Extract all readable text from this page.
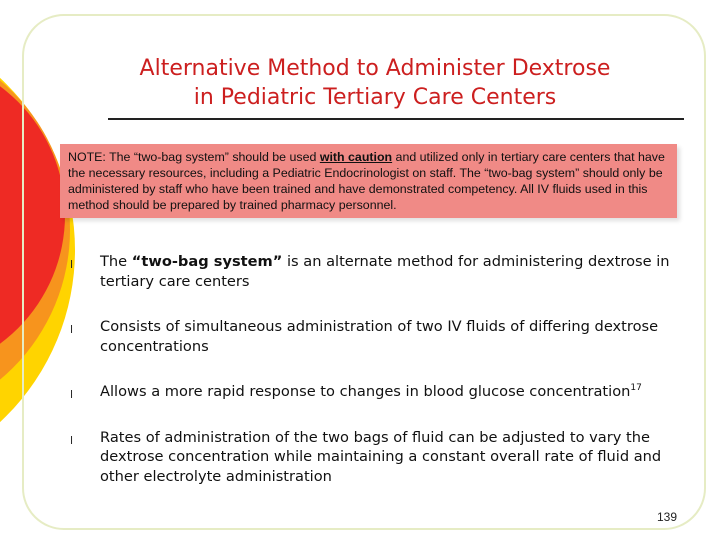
Alternative Method to Administer Dextrose
in Pediatric Tertiary Care Centers
NOTE: The “two-bag system” should be used with caution and utilized only in tertiary care centers that have the necessary resources, including a Pediatric Endocrinologist on staff. The “two-bag system” should only be administered by staff who have been trained and have demonstrated competency. All IV fluids used in this method should be prepared by trained pharmacy personnel.
l The “two-bag system” is an alternate method for administering dextrose in tertiary care centers
l Consists of simultaneous administration of two IV fluids of differing dextrose concentrations
l Allows a more rapid response to changes in blood glucose concentration$^{17}$
l Rates of administration of the two bags of fluid can be adjusted to vary the dextrose concentration while maintaining a constant overall rate of fluid and other electrolyte administration
139
